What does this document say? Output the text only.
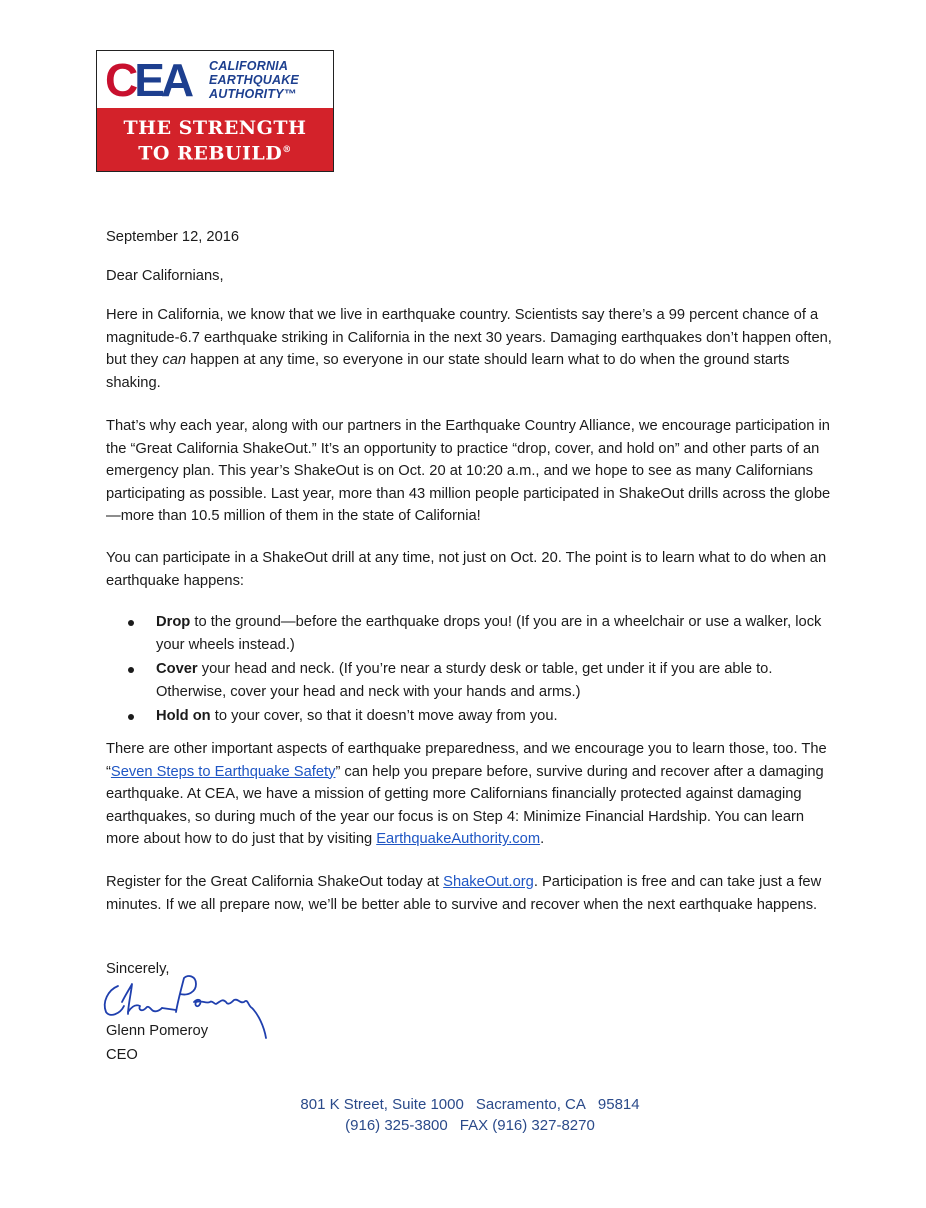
CEA CALIFORNIA
EARTHQUAKE
AUTHORITY™
THE STRENGTH
TO REBUILD®
September 12, 2016
Dear Californians,
Here in California, we know that we live in earthquake country. Scientists say there’s a 99 percent chance of a magnitude-6.7 earthquake striking in California in the next 30 years. Damaging earthquakes don’t happen often, but they can happen at any time, so everyone in our state should learn what to do when the ground starts shaking.
That’s why each year, along with our partners in the Earthquake Country Alliance, we encourage participation in the “Great California ShakeOut.” It’s an opportunity to practice “drop, cover, and hold on” and other parts of an emergency plan. This year’s ShakeOut is on Oct. 20 at 10:20 a.m., and we hope to see as many Californians participating as possible. Last year, more than 43 million people participated in ShakeOut drills across the globe—more than 10.5 million of them in the state of California!
You can participate in a ShakeOut drill at any time, not just on Oct. 20. The point is to learn what to do when an earthquake happens:
Drop to the ground—before the earthquake drops you! (If you are in a wheelchair or use a walker, lock your wheels instead.)
Cover your head and neck. (If you’re near a sturdy desk or table, get under it if you are able to. Otherwise, cover your head and neck with your hands and arms.)
Hold on to your cover, so that it doesn’t move away from you.
There are other important aspects of earthquake preparedness, and we encourage you to learn those, too. The “Seven Steps to Earthquake Safety” can help you prepare before, survive during and recover after a damaging earthquake. At CEA, we have a mission of getting more Californians financially protected against damaging earthquakes, so during much of the year our focus is on Step 4: Minimize Financial Hardship. You can learn more about how to do just that by visiting EarthquakeAuthority.com.
Register for the Great California ShakeOut today at ShakeOut.org. Participation is free and can take just a few minutes. If we all prepare now, we’ll be better able to survive and recover when the next earthquake happens.
Sincerely,
Glenn Pomeroy
CEO
801 K Street, Suite 1000 Sacramento, CA 95814
(916) 325-3800 FAX (916) 327-8270
